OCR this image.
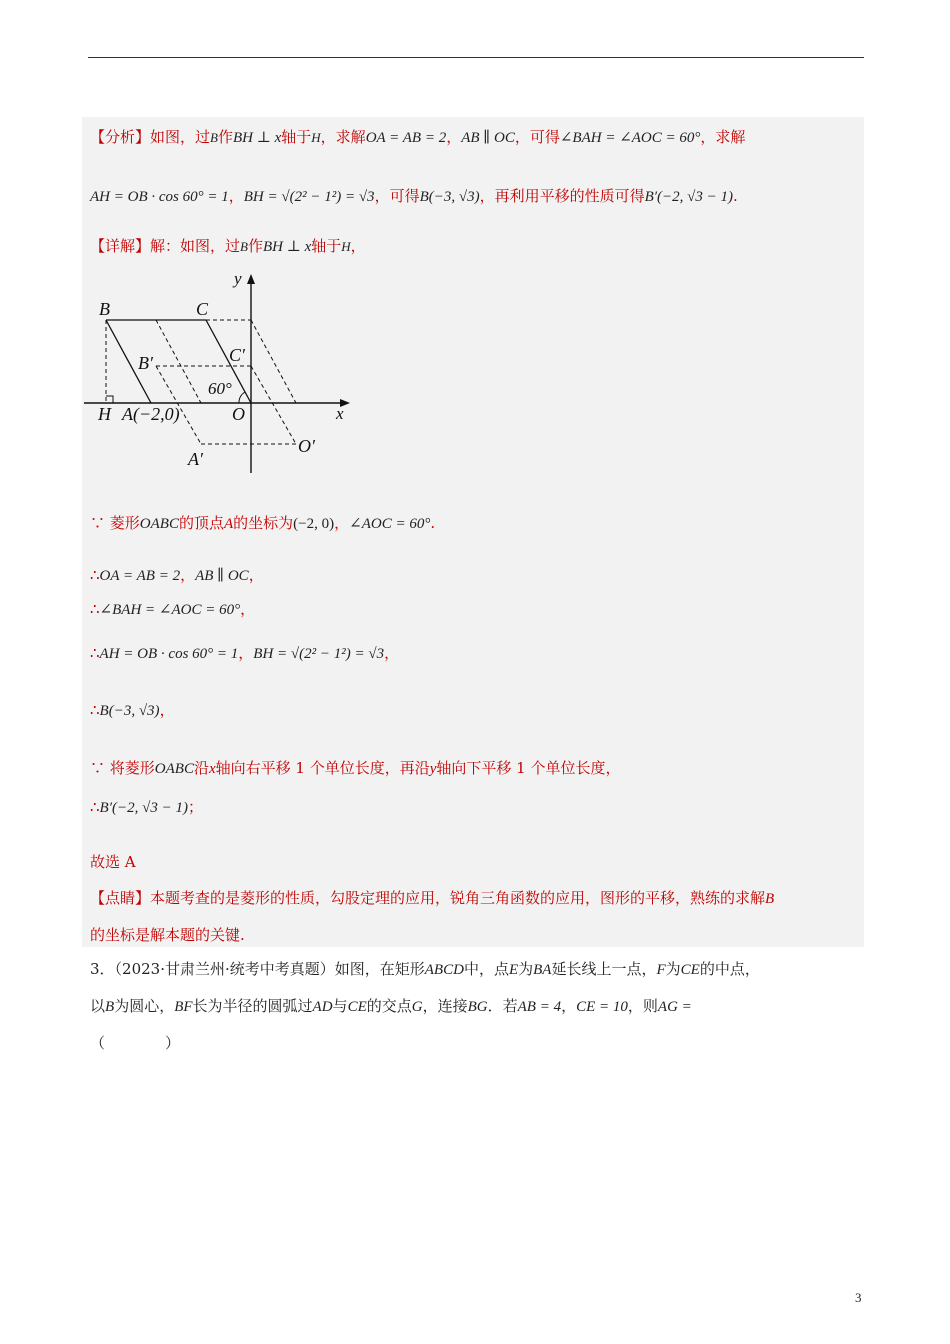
【分析】如图，过B作BH ⊥ x轴于H，求解OA = AB = 2，AB ∥ OC，可得∠BAH = ∠AOC = 60°，求解
AH = OB · cos 60° = 1，BH = √(2² − 1²) = √3，可得B(−3, √3)，再利用平移的性质可得B′(−2, √3 − 1).
【详解】解：如图，过B作BH ⊥ x轴于H，
y
x
B	C
B′	C′
60°
H A(−2,0)	O
A′
O′
∵ 菱形OABC的顶点A的坐标为(−2, 0)，∠AOC = 60°.
∴OA = AB = 2，AB ∥ OC，
∴∠BAH = ∠AOC = 60°，
∴AH = OB · cos 60° = 1，BH = √(2² − 1²) = √3，
∴B(−3, √3)，
∵ 将菱形OABC沿x轴向右平移 1 个单位长度，再沿y轴向下平移 1 个单位长度，
∴B′(−2, √3 − 1)；
故选 A
【点睛】本题考查的是菱形的性质，勾股定理的应用，锐角三角函数的应用，图形的平移，熟练的求解B
的坐标是解本题的关键.
3．（2023·甘肃兰州·统考中考真题）如图，在矩形ABCD中，点E为BA延长线上一点，F为CE的中点，
以B为圆心，BF长为半径的圆弧过AD与CE的交点G，连接BG．若AB = 4，CE = 10，则AG =
（　　　　）
3
